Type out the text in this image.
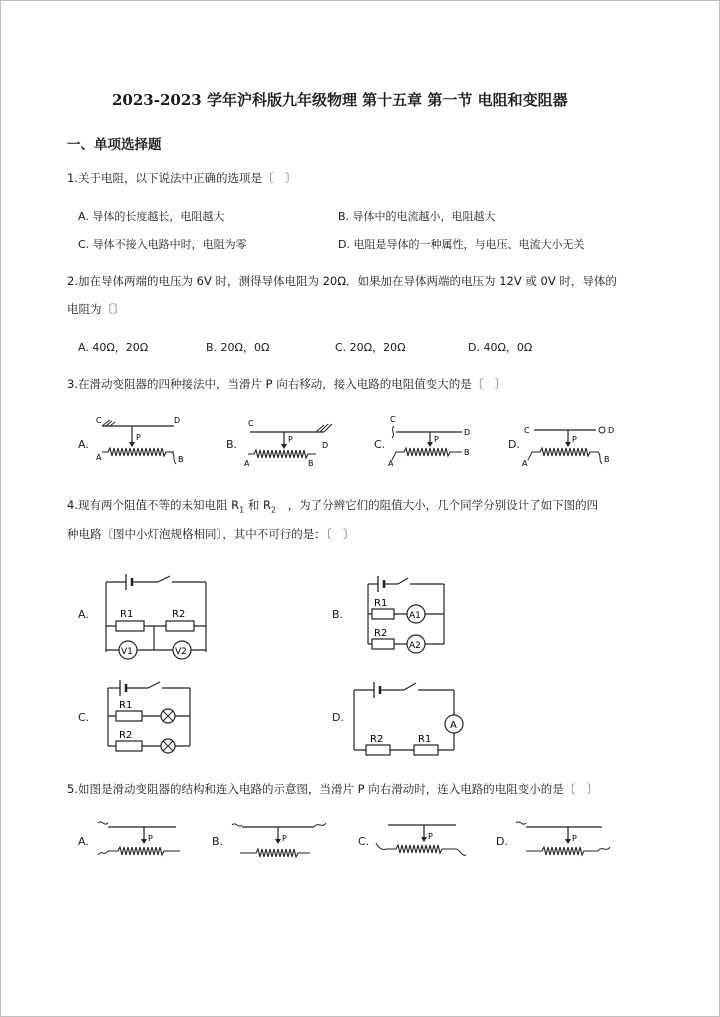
2023-2023 学年沪科版九年级物理 第十五章 第一节 电阻和变阻器
一、单项选择题
1.关于电阻，以下说法中正确的选项是〔　〕
A. 导体的长度越长，电阻越大	B. 导体中的电流越小，电阻越大
C. 导体不接入电路中时，电阻为零	D. 电阻是导体的一种属性，与电压、电流大小无关
2.加在导体两端的电压为 6V 时，测得导体电阻为 20Ω．如果加在导体两端的电压为 12V 或 0V 时，导体的
电阻为〔〕
A. 40Ω，20Ω	B. 20Ω，0Ω	C. 20Ω，20Ω	D. 40Ω，0Ω
3.在滑动变阻器的四种接法中，当滑片 P 向右移动，接入电路的电阻值变大的是〔　〕
A.	B.	C.	D.
C	D
P
A	B
C
D
P
A	B
C
D
P
A
B
C	D
P
A	B
4.现有两个阻值不等的未知电阻 $R_1$ 和 $R_2$　，为了分辨它们的阻值大小，几个同学分别设计了如下图的四
种电路〔图中小灯泡规格相同〕，其中不可行的是：〔　〕
A.	B.
C.	D.
R1	R2
V1	V2
R1
A1
R2
A2
R1
R2
A
R2	R1
5.如图是滑动变阻器的结构和连入电路的示意图，当滑片 P 向右滑动时，连入电路的电阻变小的是〔　〕
A.	B.	C.	D.
P	P	P	P
